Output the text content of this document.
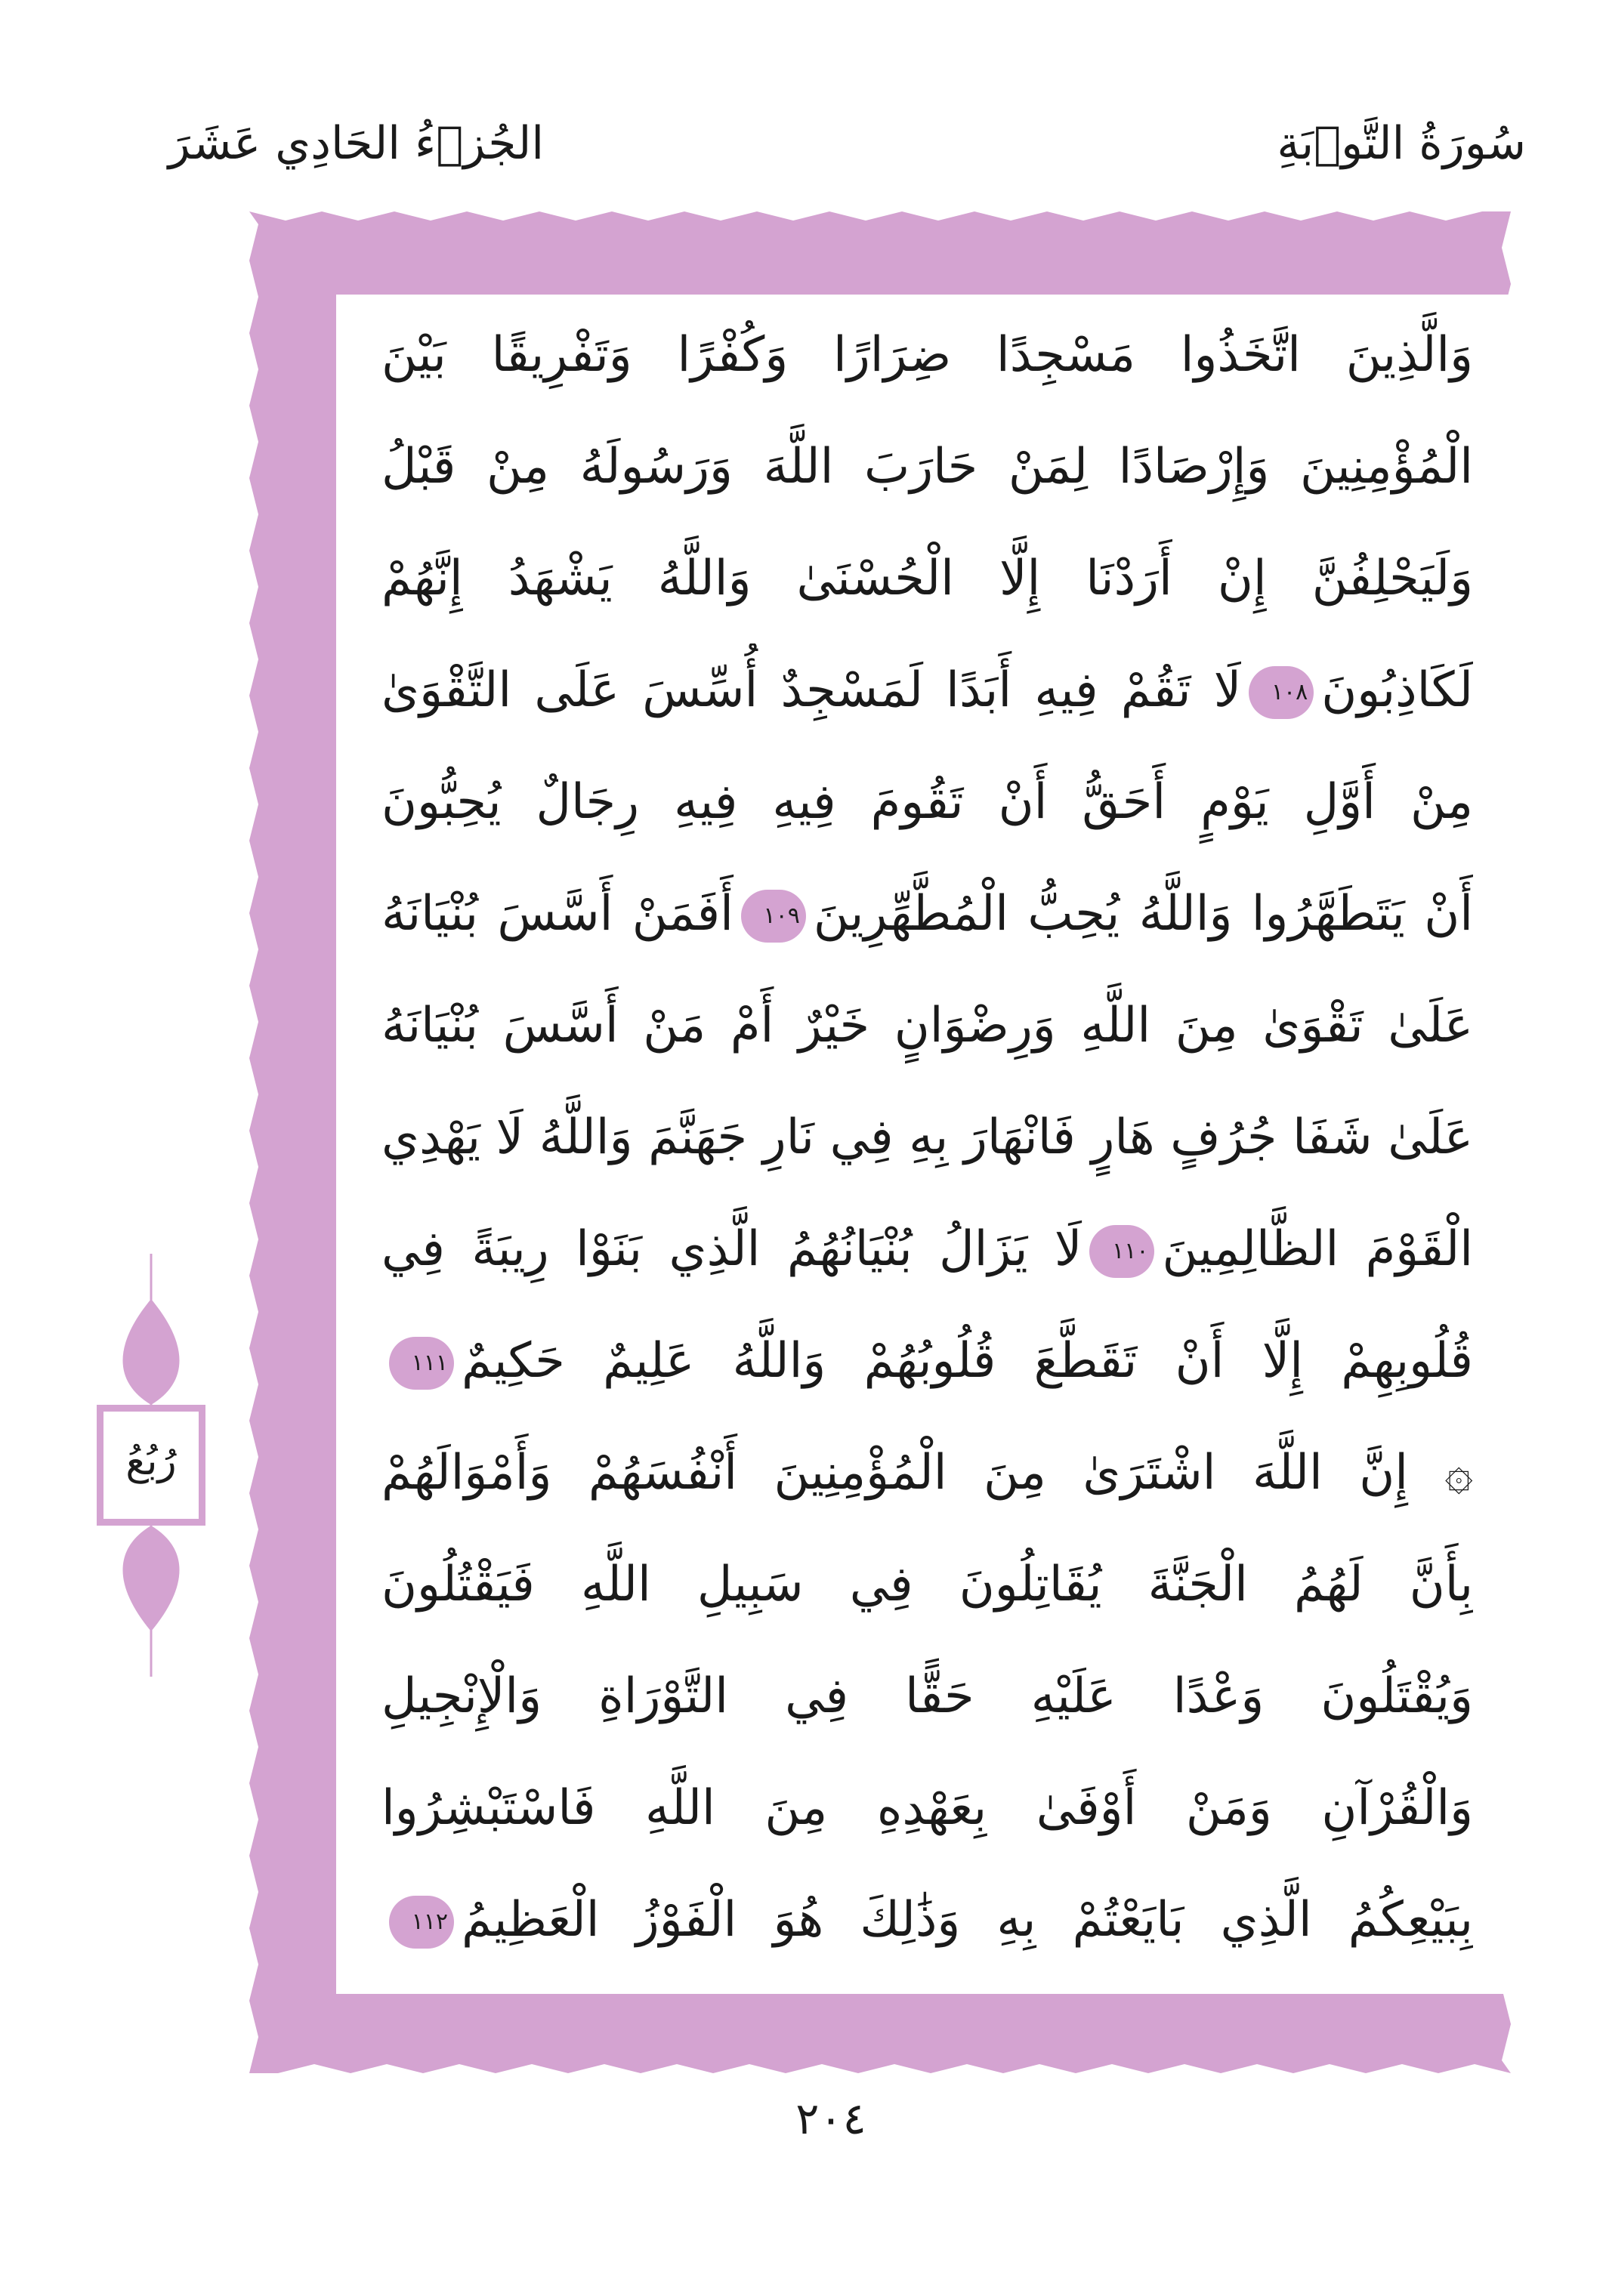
سُورَةُ التَّوۡبَةِ
الجُزۡءُ الحَادِي عَشَرَ
وَالَّذِينَ اتَّخَذُوا مَسْجِدًا ضِرَارًا وَكُفْرًا وَتَفْرِيقًا بَيْنَ
الْمُؤْمِنِينَ وَإِرْصَادًا لِمَنْ حَارَبَ اللَّهَ وَرَسُولَهُ مِنْ قَبْلُ
وَلَيَحْلِفُنَّ إِنْ أَرَدْنَا إِلَّا الْحُسْنَىٰ وَاللَّهُ يَشْهَدُ إِنَّهُمْ
لَكَاذِبُونَ١٠٨لَا تَقُمْ فِيهِ أَبَدًا لَمَسْجِدٌ أُسِّسَ عَلَى التَّقْوَىٰ
مِنْ أَوَّلِ يَوْمٍ أَحَقُّ أَنْ تَقُومَ فِيهِ فِيهِ رِجَالٌ يُحِبُّونَ
أَنْ يَتَطَهَّرُوا وَاللَّهُ يُحِبُّ الْمُطَّهِّرِينَ١٠٩أَفَمَنْ أَسَّسَ بُنْيَانَهُ
عَلَىٰ تَقْوَىٰ مِنَ اللَّهِ وَرِضْوَانٍ خَيْرٌ أَمْ مَنْ أَسَّسَ بُنْيَانَهُ
عَلَىٰ شَفَا جُرُفٍ هَارٍ فَانْهَارَ بِهِ فِي نَارِ جَهَنَّمَ وَاللَّهُ لَا يَهْدِي
الْقَوْمَ الظَّالِمِينَ١١٠لَا يَزَالُ بُنْيَانُهُمُ الَّذِي بَنَوْا رِيبَةً فِي
قُلُوبِهِمْ إِلَّا أَنْ تَقَطَّعَ قُلُوبُهُمْ وَاللَّهُ عَلِيمٌ حَكِيمٌ١١١
۞ إِنَّ اللَّهَ اشْتَرَىٰ مِنَ الْمُؤْمِنِينَ أَنْفُسَهُمْ وَأَمْوَالَهُمْ
بِأَنَّ لَهُمُ الْجَنَّةَ يُقَاتِلُونَ فِي سَبِيلِ اللَّهِ فَيَقْتُلُونَ
وَيُقْتَلُونَ وَعْدًا عَلَيْهِ حَقًّا فِي التَّوْرَاةِ وَالْإِنْجِيلِ
وَالْقُرْآنِ وَمَنْ أَوْفَىٰ بِعَهْدِهِ مِنَ اللَّهِ فَاسْتَبْشِرُوا
بِبَيْعِكُمُ الَّذِي بَايَعْتُمْ بِهِ وَذَٰلِكَ هُوَ الْفَوْزُ الْعَظِيمُ١١٢
رُبُعُ
٢٠٤
